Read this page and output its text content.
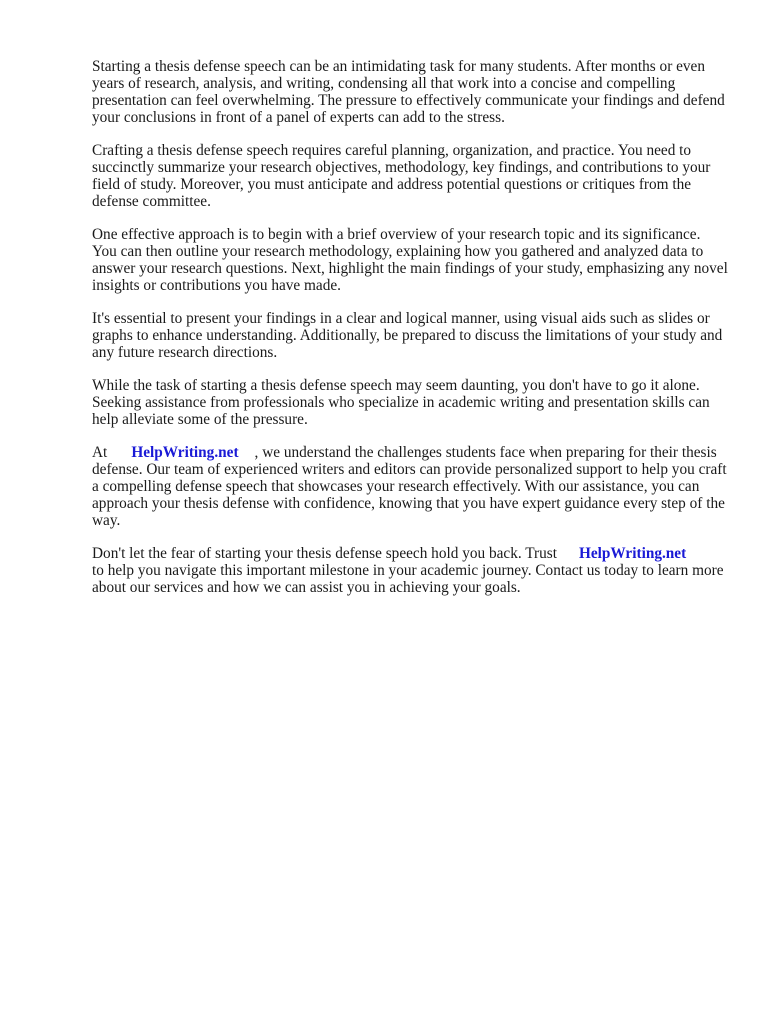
Starting a thesis defense speech can be an intimidating task for many students. After months or even years of research, analysis, and writing, condensing all that work into a concise and compelling presentation can feel overwhelming. The pressure to effectively communicate your findings and defend your conclusions in front of a panel of experts can add to the stress.

Crafting a thesis defense speech requires careful planning, organization, and practice. You need to succinctly summarize your research objectives, methodology, key findings, and contributions to your field of study. Moreover, you must anticipate and address potential questions or critiques from the defense committee.

One effective approach is to begin with a brief overview of your research topic and its significance. You can then outline your research methodology, explaining how you gathered and analyzed data to answer your research questions. Next, highlight the main findings of your study, emphasizing any novel insights or contributions you have made.

It's essential to present your findings in a clear and logical manner, using visual aids such as slides or graphs to enhance understanding. Additionally, be prepared to discuss the limitations of your study and any future research directions.

While the task of starting a thesis defense speech may seem daunting, you don't have to go it alone. Seeking assistance from professionals who specialize in academic writing and presentation skills can help alleviate some of the pressure.

At HelpWriting.net , we understand the challenges students face when preparing for their thesis defense. Our team of experienced writers and editors can provide personalized support to help you craft a compelling defense speech that showcases your research effectively. With our assistance, you can approach your thesis defense with confidence, knowing that you have expert guidance every step of the way.

Don't let the fear of starting your thesis defense speech hold you back. Trust HelpWriting.net
to help you navigate this important milestone in your academic journey. Contact us today to learn more about our services and how we can assist you in achieving your goals.
